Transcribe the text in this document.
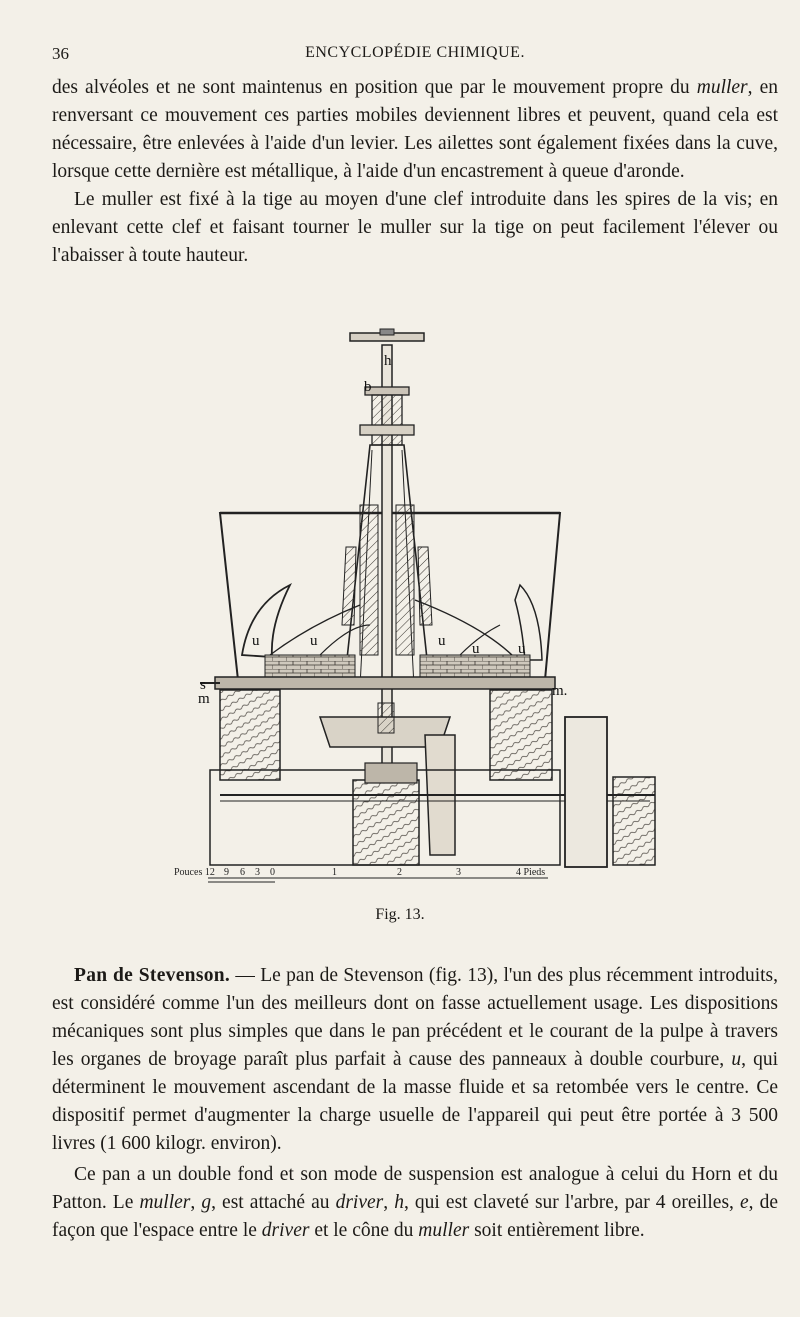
36	ENCYCLOPÉDIE CHIMIQUE.

des alvéoles et ne sont maintenus en position que par le mouvement propre du muller, en renversant ce mouvement ces parties mobiles deviennent libres et peuvent, quand cela est nécessaire, être enlevées à l'aide d'un levier. Les ailettes sont également fixées dans la cuve, lorsque cette dernière est métallique, à l'aide d'un encastrement à queue d'aronde.

Le muller est fixé à la tige au moyen d'une clef introduite dans les spires de la vis; en enlevant cette clef et faisant tourner le muller sur la tige on peut facilement l'élever ou l'abaisser à toute hauteur.

h
b
u	u	u u	u
s
m	m.
Pouces 12 9 6 3 0	1	2	3	4 Pieds
Fig. 13.

Pan de Stevenson. — Le pan de Stevenson (fig. 13), l'un des plus récemment introduits, est considéré comme l'un des meilleurs dont on fasse actuellement usage. Les dispositions mécaniques sont plus simples que dans le pan précédent et le courant de la pulpe à travers les organes de broyage paraît plus parfait à cause des panneaux à double courbure, u, qui déterminent le mouvement ascendant de la masse fluide et sa retombée vers le centre. Ce dispositif permet d'augmenter la charge usuelle de l'appareil qui peut être portée à 3 500 livres (1 600 kilogr. environ).

Ce pan a un double fond et son mode de suspension est analogue à celui du Horn et du Patton. Le muller, g, est attaché au driver, h, qui est claveté sur l'arbre, par 4 oreilles, e, de façon que l'espace entre le driver et le cône du muller soit entièrement libre.
